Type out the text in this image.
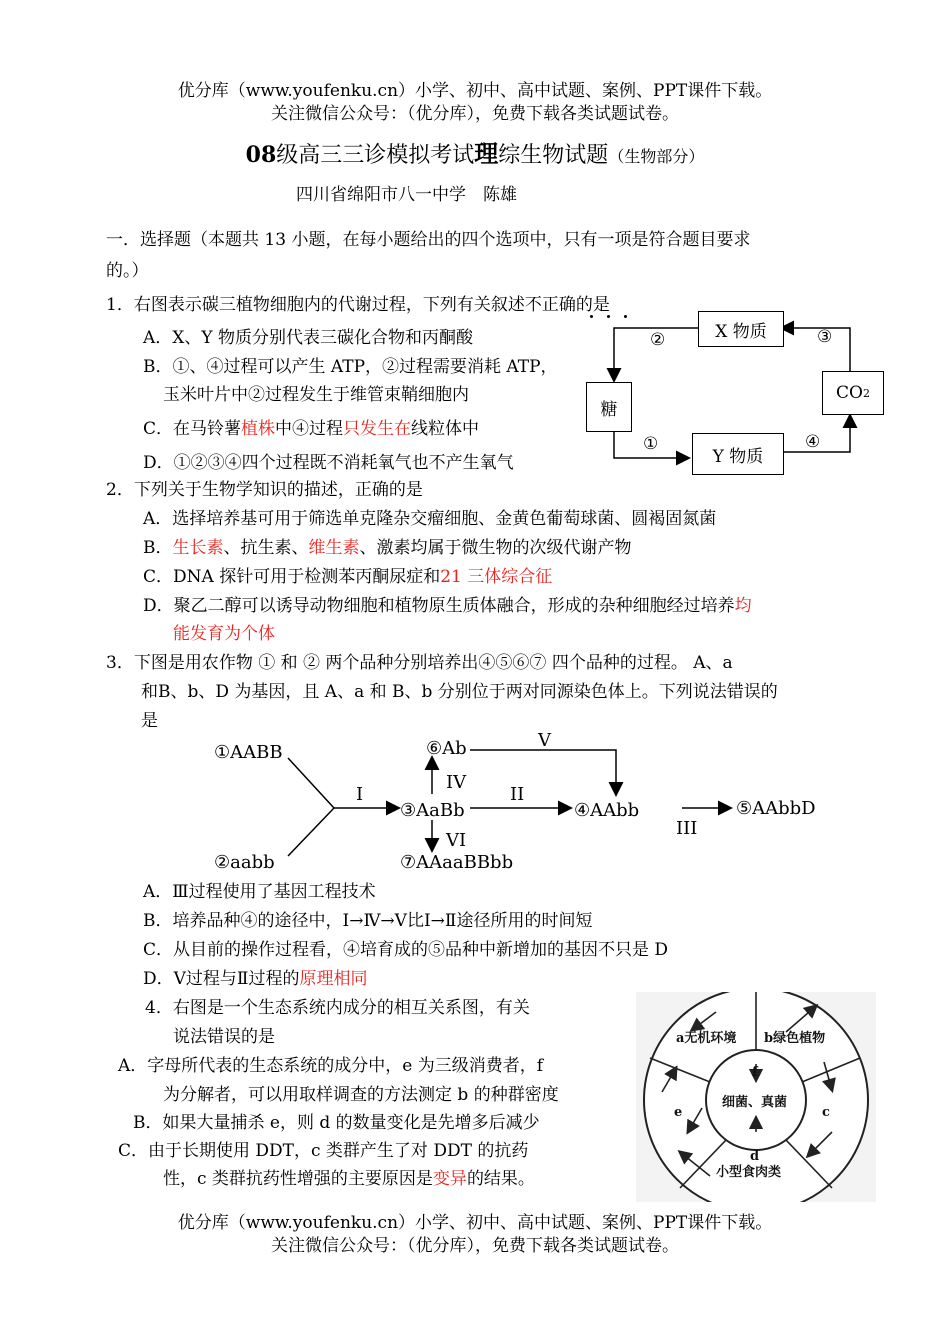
优分库（www.youfenku.cn）小学、初中、高中试题、案例、PPT课件下载。
关注微信公众号：（优分库），免费下载各类试题试卷。
08级高三三诊模拟考试理综生物试题（生物部分）
四川省绵阳市八一中学　陈雄
一．选择题（本题共 13 小题，在每小题给出的四个选项中，只有一项是符合题目要求
的。）
1．右图表示碳三植物细胞内的代谢过程，下列有关叙述不正确的是
A．X、Y 物质分别代表三碳化合物和丙酮酸
B．①、④过程可以产生 ATP，②过程需要消耗 ATP，
玉米叶片中②过程发生于维管束鞘细胞内
C．在马铃薯植株中④过程只发生在线粒体中
D．①②③④四个过程既不消耗氧气也不产生氧气
X 物质
糖
CO 2
Y 物质
②	③
①	④
2．下列关于生物学知识的描述，正确的是
A．选择培养基可用于筛选单克隆杂交瘤细胞、金黄色葡萄球菌、圆褐固氮菌
B．生长素、抗生素、维生素、激素均属于微生物的次级代谢产物
C．DNA 探针可用于检测苯丙酮尿症和21 三体综合征
D．聚乙二醇可以诱导动物细胞和植物原生质体融合，形成的杂种细胞经过培养均
能发育为个体
3．下图是用农作物 ① 和 ② 两个品种分别培养出④⑤⑥⑦ 四个品种的过程。 A、a
和B、b、D 为基因，且 A、a 和 B、b 分别位于两对同源染色体上。下列说法错误的
是
①AABB
②aabb
③AaBb	④AAbb	⑤AAbbD
⑥Ab
⑦AAaaBBbb
I	II
III
IV
V
VI
A．Ⅲ过程使用了基因工程技术
B．培养品种④的途径中，Ⅰ→Ⅳ→Ⅴ比Ⅰ→Ⅱ途径所用的时间短
C．从目前的操作过程看，④培育成的⑤品种中新增加的基因不只是 D
D．Ⅴ过程与Ⅱ过程的原理相同
4．右图是一个生态系统内成分的相互关系图，有关
说法错误的是
A．字母所代表的生态系统的成分中，e 为三级消费者，f
为分解者，可以用取样调查的方法测定 b 的种群密度
B．如果大量捕杀 e，则 d 的数量变化是先增多后减少
C．由于长期使用 DDT，c 类群产生了对 DDT 的抗药
性，c 类群抗药性增强的主要原因是变异的结果。
a无机环境 b绿色植物
细菌、真菌
f
c
e
d
小型食肉类
优分库（www.youfenku.cn）小学、初中、高中试题、案例、PPT课件下载。
关注微信公众号：（优分库），免费下载各类试题试卷。
